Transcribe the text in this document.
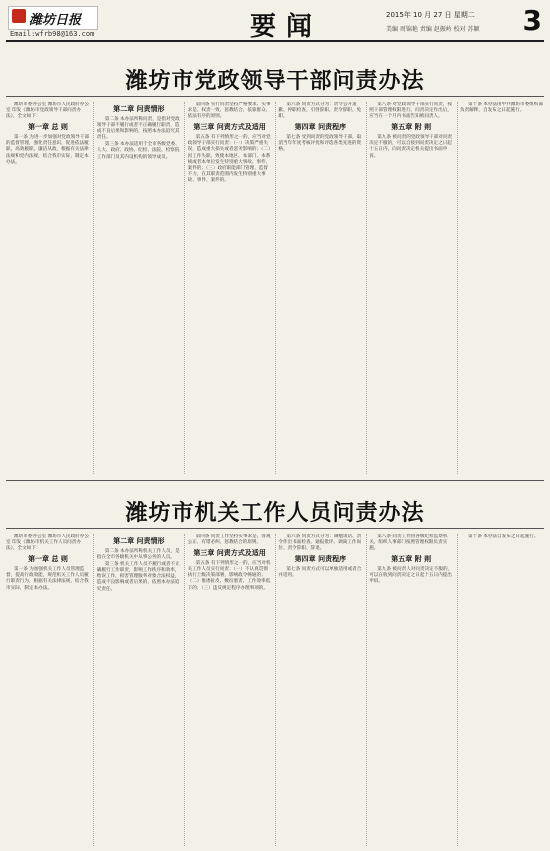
潍坊日报
Email:wfrb98@163.com	要闻	2015年 10 月 27 日 星期二
美编 周锦艳 责编 赵振岭 校对 苏颖	3
潍坊市党政领导干部问责办法

潍坊市委办公室 潍坊市人民政府办公室 印发《潍坊市党政领导干部问责办法》，全文如下：

第一章 总 则

第一条 为进一步加强对党政领导干部的监督管理，强化责任意识，促进依法履职、高效履职、廉洁从政，根据有关法律法规和党内法规，结合我市实际，制定本办法。

第二章 问责情形

第二条 本办法所称问责，是指对党政领导干部不履行或者不正确履行职责，造成不良后果和影响的，按照本办法追究其责任。

第三条 本办法适用于全市各级党委、人大、政府、政协、纪检、法院、检察院工作部门及其内设机构的领导成员。

第四条 实行问责坚持严格要求、实事求是、权责一致、惩教结合、依靠群众、依法有序的原则。

第三章 问责方式及适用

第五条 有下列情形之一的，应当对党政领导干部实行问责：（一）决策严重失误，造成重大损失或者恶劣影响的；（二）因工作失职，致使本地区、本部门、本系统或者本单位发生特别重大事故、事件、案件的；（三）政府职能部门管理、监督不力，在其职责范围内发生特别重大事故、事件、案件的。

第六条 问责方式分为：责令公开道歉、停职检查、引咎辞职、责令辞职、免职。

第四章 问责程序

第七条 受到问责的党政领导干部，取消当年年度考核评优和评选各类先进的资格。

第八条 对党政领导干部实行问责，按照干部管理权限进行。问责决定作出后，应当在一个月内书面告知被问责人。

第五章 附 则

第九条 被问责的党政领导干部对问责决定不服的，可以自接到问责决定之日起十五日内，向问责决定机关提出书面申诉。

第十条 本办法由中共潍坊市委组织部负责解释，自发布之日起施行。

潍坊市机关工作人员问责办法

潍坊市委办公室 潍坊市人民政府办公室 印发《潍坊市机关工作人员问责办法》，全文如下：

第一章 总 则

第一条 为加强机关工作人员管理监督，提高行政效能，规范机关工作人员履行职责行为，根据有关法律法规，结合我市实际，制定本办法。

第二章 问责情形

第二条 本办法所称机关工作人员，是指在全市各级机关中从事公务的人员。

第三条 机关工作人员不履行或者不正确履行工作职责，影响工作秩序和效率，贻误工作，损害管理服务对象合法权益，造成不良影响或者后果的，依照本办法追究责任。

第四条 问责工作坚持实事求是、客观公正、有错必纠、惩教结合的原则。

第三章 问责方式及适用

第五条 有下列情形之一的，应当对机关工作人员实行问责：（一）不认真贯彻执行上级决策部署，影响政令畅通的；（二）推诿扯皮、敷衍塞责、工作效率低下的；（三）违反规定程序办理事项的。

第六条 问责方式分为：诫勉谈话、责令作出书面检查、通报批评、调离工作岗位、责令辞职、辞退。

第四章 问责程序

第七条 问责方式可以单独适用或者合并适用。

第八条 问责工作由各级纪检监察机关、组织人事部门按照管理权限负责实施。

第五章 附 则

第九条 被问责人对问责决定不服的，可以在收到问责决定之日起十五日内提出申诉。

第十条 本办法自发布之日起施行。
